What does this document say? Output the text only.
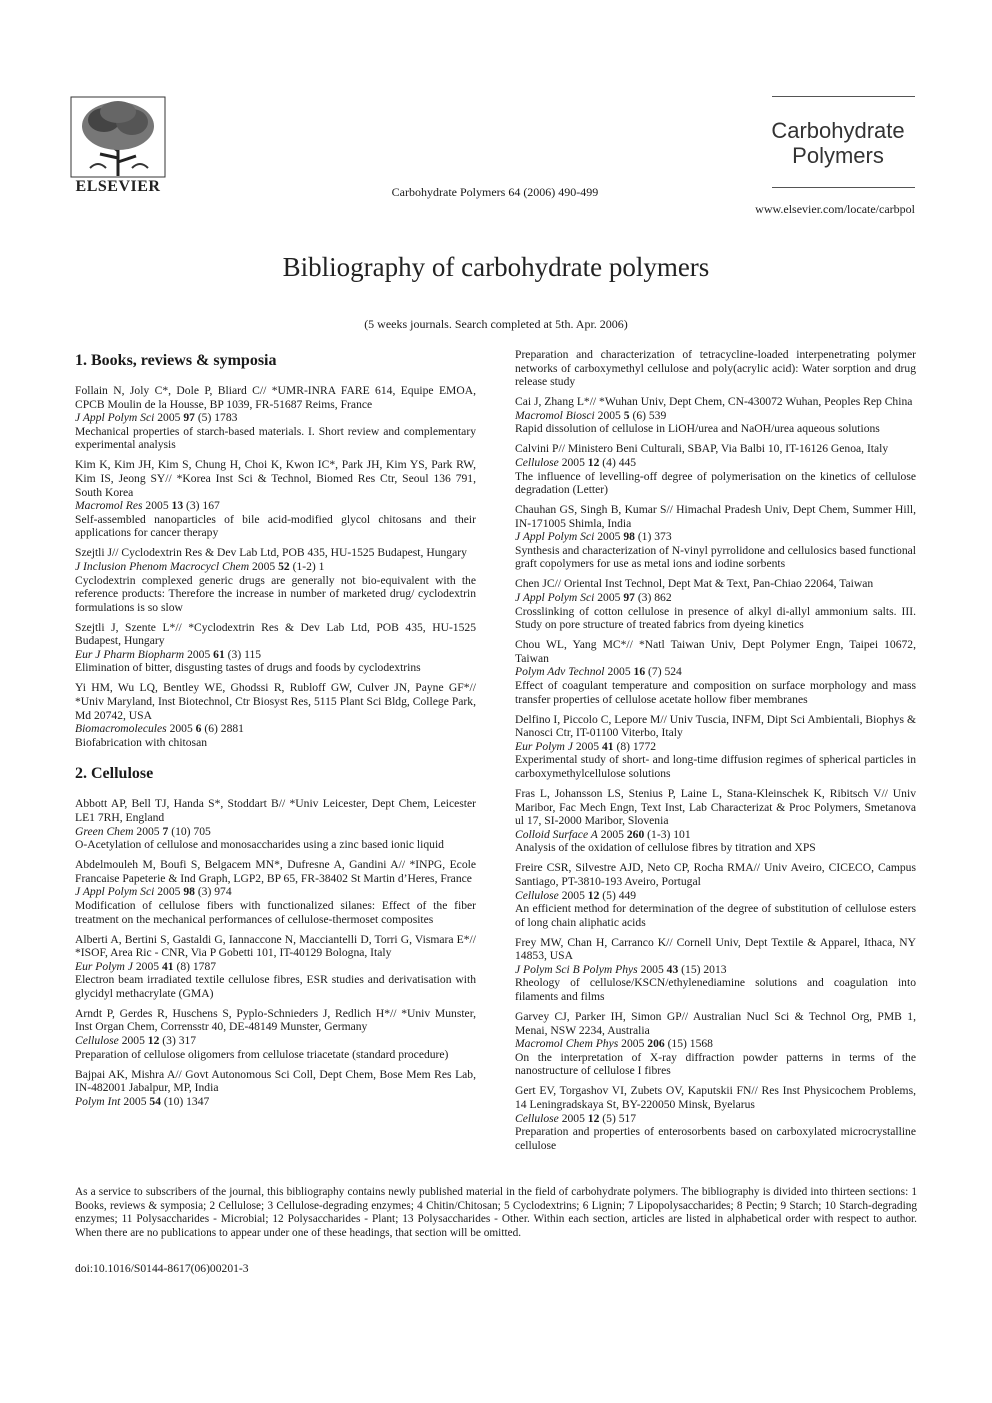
ELSEVIER	Carbohydrate Polymers 64 (2006) 490-499
Carbohydrate
Polymers
www.elsevier.com/locate/carbpol
Bibliography of carbohydrate polymers
(5 weeks journals. Search completed at 5th. Apr. 2006)
1. Books, reviews & symposia
Follain N, Joly C*, Dole P, Bliard C// *UMR-INRA FARE 614, Equipe EMOA, CPCB Moulin de la Housse, BP 1039, FR-51687 Reims, France
J Appl Polym Sci 2005 97 (5) 1783
Mechanical properties of starch-based materials. I. Short review and complementary experimental analysis
Kim K, Kim JH, Kim S, Chung H, Choi K, Kwon IC*, Park JH, Kim YS, Park RW, Kim IS, Jeong SY// *Korea Inst Sci & Technol, Biomed Res Ctr, Seoul 136 791, South Korea
Macromol Res 2005 13 (3) 167
Self-assembled nanoparticles of bile acid-modified glycol chitosans and their applications for cancer therapy
Szejtli J// Cyclodextrin Res & Dev Lab Ltd, POB 435, HU-1525 Budapest, Hungary
J Inclusion Phenom Macrocycl Chem 2005 52 (1-2) 1
Cyclodextrin complexed generic drugs are generally not bio-equivalent with the reference products: Therefore the increase in number of marketed drug/ cyclodextrin formulations is so slow
Szejtli J, Szente L*// *Cyclodextrin Res & Dev Lab Ltd, POB 435, HU-1525 Budapest, Hungary
Eur J Pharm Biopharm 2005 61 (3) 115
Elimination of bitter, disgusting tastes of drugs and foods by cyclodextrins
Yi HM, Wu LQ, Bentley WE, Ghodssi R, Rubloff GW, Culver JN, Payne GF*// *Univ Maryland, Inst Biotechnol, Ctr Biosyst Res, 5115 Plant Sci Bldg, College Park, Md 20742, USA
Biomacromolecules 2005 6 (6) 2881
Biofabrication with chitosan
2. Cellulose
Abbott AP, Bell TJ, Handa S*, Stoddart B// *Univ Leicester, Dept Chem, Leicester LE1 7RH, England
Green Chem 2005 7 (10) 705
O-Acetylation of cellulose and monosaccharides using a zinc based ionic liquid
Abdelmouleh M, Boufi S, Belgacem MN*, Dufresne A, Gandini A// *INPG, Ecole Francaise Papeterie & Ind Graph, LGP2, BP 65, FR-38402 St Martin d’Heres, France
J Appl Polym Sci 2005 98 (3) 974
Modification of cellulose fibers with functionalized silanes: Effect of the fiber treatment on the mechanical performances of cellulose-thermoset composites
Alberti A, Bertini S, Gastaldi G, Iannaccone N, Macciantelli D, Torri G, Vismara E*// *ISOF, Area Ric - CNR, Via P Gobetti 101, IT-40129 Bologna, Italy
Eur Polym J 2005 41 (8) 1787
Electron beam irradiated textile cellulose fibres, ESR studies and derivatisation with glycidyl methacrylate (GMA)
Arndt P, Gerdes R, Huschens S, Pyplo-Schnieders J, Redlich H*// *Univ Munster, Inst Organ Chem, Corrensstr 40, DE-48149 Munster, Germany
Cellulose 2005 12 (3) 317
Preparation of cellulose oligomers from cellulose triacetate (standard procedure)
Bajpai AK, Mishra A// Govt Autonomous Sci Coll, Dept Chem, Bose Mem Res Lab, IN-482001 Jabalpur, MP, India
Polym Int 2005 54 (10) 1347
Preparation and characterization of tetracycline-loaded interpenetrating polymer networks of carboxymethyl cellulose and poly(acrylic acid): Water sorption and drug release study
Cai J, Zhang L*// *Wuhan Univ, Dept Chem, CN-430072 Wuhan, Peoples Rep China
Macromol Biosci 2005 5 (6) 539
Rapid dissolution of cellulose in LiOH/urea and NaOH/urea aqueous solutions
Calvini P// Ministero Beni Culturali, SBAP, Via Balbi 10, IT-16126 Genoa, Italy
Cellulose 2005 12 (4) 445
The influence of levelling-off degree of polymerisation on the kinetics of cellulose degradation (Letter)
Chauhan GS, Singh B, Kumar S// Himachal Pradesh Univ, Dept Chem, Summer Hill, IN-171005 Shimla, India
J Appl Polym Sci 2005 98 (1) 373
Synthesis and characterization of N-vinyl pyrrolidone and cellulosics based functional graft copolymers for use as metal ions and iodine sorbents
Chen JC// Oriental Inst Technol, Dept Mat & Text, Pan-Chiao 22064, Taiwan
J Appl Polym Sci 2005 97 (3) 862
Crosslinking of cotton cellulose in presence of alkyl di-allyl ammonium salts. III. Study on pore structure of treated fabrics from dyeing kinetics
Chou WL, Yang MC*// *Natl Taiwan Univ, Dept Polymer Engn, Taipei 10672, Taiwan
Polym Adv Technol 2005 16 (7) 524
Effect of coagulant temperature and composition on surface morphology and mass transfer properties of cellulose acetate hollow fiber membranes
Delfino I, Piccolo C, Lepore M// Univ Tuscia, INFM, Dipt Sci Ambientali, Biophys & Nanosci Ctr, IT-01100 Viterbo, Italy
Eur Polym J 2005 41 (8) 1772
Experimental study of short- and long-time diffusion regimes of spherical particles in carboxymethylcellulose solutions
Fras L, Johansson LS, Stenius P, Laine L, Stana-Kleinschek K, Ribitsch V// Univ Maribor, Fac Mech Engn, Text Inst, Lab Characterizat & Proc Polymers, Smetanova ul 17, SI-2000 Maribor, Slovenia
Colloid Surface A 2005 260 (1-3) 101
Analysis of the oxidation of cellulose fibres by titration and XPS
Freire CSR, Silvestre AJD, Neto CP, Rocha RMA// Univ Aveiro, CICECO, Campus Santiago, PT-3810-193 Aveiro, Portugal
Cellulose 2005 12 (5) 449
An efficient method for determination of the degree of substitution of cellulose esters of long chain aliphatic acids
Frey MW, Chan H, Carranco K// Cornell Univ, Dept Textile & Apparel, Ithaca, NY 14853, USA
J Polym Sci B Polym Phys 2005 43 (15) 2013
Rheology of cellulose/KSCN/ethylenediamine solutions and coagulation into filaments and films
Garvey CJ, Parker IH, Simon GP// Australian Nucl Sci & Technol Org, PMB 1, Menai, NSW 2234, Australia
Macromol Chem Phys 2005 206 (15) 1568
On the interpretation of X-ray diffraction powder patterns in terms of the nanostructure of cellulose I fibres
Gert EV, Torgashov VI, Zubets OV, Kaputskii FN// Res Inst Physicochem Problems, 14 Leningradskaya St, BY-220050 Minsk, Byelarus
Cellulose 2005 12 (5) 517
Preparation and properties of enterosorbents based on carboxylated microcrystalline cellulose
As a service to subscribers of the journal, this bibliography contains newly published material in the field of carbohydrate polymers. The bibliography is divided into thirteen sections: 1 Books, reviews & symposia; 2 Cellulose; 3 Cellulose-degrading enzymes; 4 Chitin/Chitosan; 5 Cyclodextrins; 6 Lignin; 7 Lipopolysaccharides; 8 Pectin; 9 Starch; 10 Starch-degrading enzymes; 11 Polysaccharides - Microbial; 12 Polysaccharides - Plant; 13 Polysaccharides - Other. Within each section, articles are listed in alphabetical order with respect to author. When there are no publications to appear under one of these headings, that section will be omitted.
doi:10.1016/S0144-8617(06)00201-3
